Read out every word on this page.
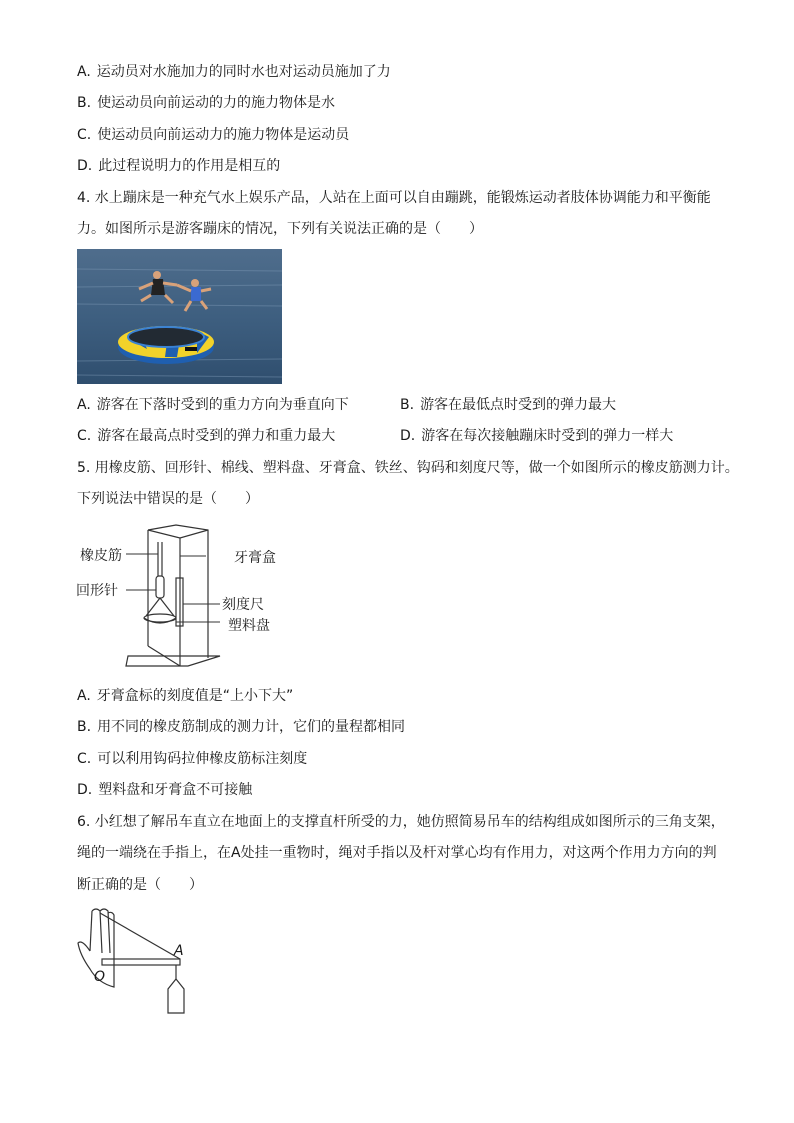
A. 运动员对水施加力的同时水也对运动员施加了力
B. 使运动员向前运动的力的施力物体是水
C. 使运动员向前运动力的施力物体是运动员
D. 此过程说明力的作用是相互的
4. 水上蹦床是一种充气水上娱乐产品，人站在上面可以自由蹦跳，能锻炼运动者肢体协调能力和平衡能
力。如图所示是游客蹦床的情况，下列有关说法正确的是（　　）
A. 游客在下落时受到的重力方向为垂直向下	B. 游客在最低点时受到的弹力最大
C. 游客在最高点时受到的弹力和重力最大	D. 游客在每次接触蹦床时受到的弹力一样大
5. 用橡皮筋、回形针、棉线、塑料盘、牙膏盒、铁丝、钩码和刻度尺等，做一个如图所示的橡皮筋测力计。
下列说法中错误的是（　　）
橡皮筋	牙膏盒
回形针
刻度尺
塑料盘
A. 牙膏盒标的刻度值是“上小下大”
B. 用不同的橡皮筋制成的测力计，它们的量程都相同
C. 可以利用钩码拉伸橡皮筋标注刻度
D. 塑料盘和牙膏盒不可接触
6. 小红想了解吊车直立在地面上的支撑直杆所受的力，她仿照简易吊车的结构组成如图所示的三角支架，
绳的一端绕在手指上，在A处挂一重物时，绳对手指以及杆对掌心均有作用力，对这两个作用力方向的判
断正确的是（　　）
A
O
